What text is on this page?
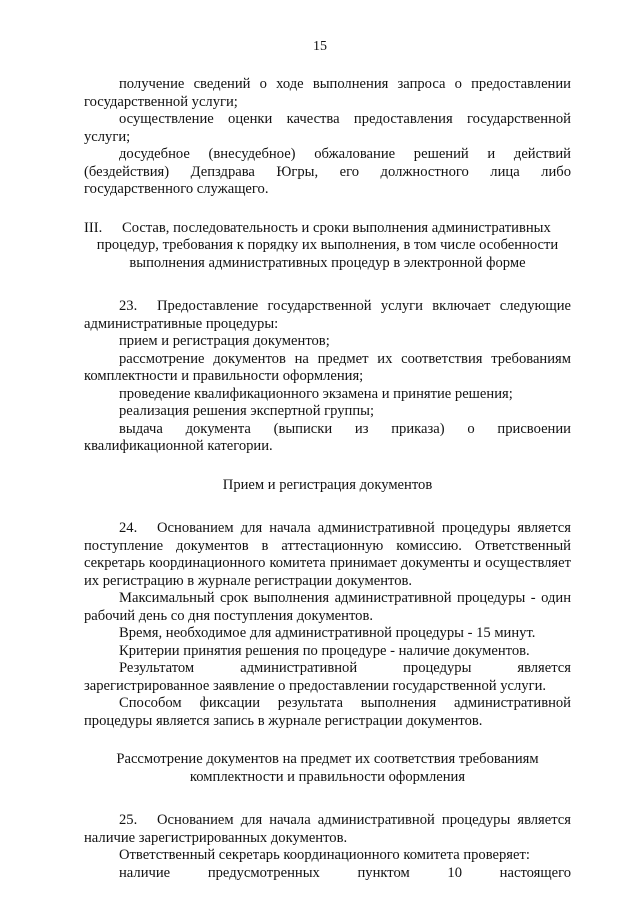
15

получение сведений о ходе выполнения запроса о предоставлении государственной услуги;

осуществление оценки качества предоставления государственной услуги;

досудебное (внесудебное) обжалование решений и действий (бездействия) Депздрава Югры, его должностного лица либо государственного служащего.

III. Состав, последовательность и сроки выполнения административных

процедур, требования к порядку их выполнения, в том числе особенности

выполнения административных процедур в электронной форме

23. Предоставление государственной услуги включает следующие административные процедуры:

прием и регистрация документов;

рассмотрение документов на предмет их соответствия требованиям комплектности и правильности оформления;

проведение квалификационного экзамена и принятие решения;

реализация решения экспертной группы;

выдача документа (выписки из приказа) о присвоении квалификационной категории.

Прием и регистрация документов

24. Основанием для начала административной процедуры является поступление документов в аттестационную комиссию. Ответственный секретарь координационного комитета принимает документы и осуществляет их регистрацию в журнале регистрации документов.

Максимальный срок выполнения административной процедуры - один рабочий день со дня поступления документов.

Время, необходимое для административной процедуры - 15 минут.

Критерии принятия решения по процедуре - наличие документов.

Результатом административной процедуры является зарегистрированное заявление о предоставлении государственной услуги.

Способом фиксации результата выполнения административной процедуры является запись в журнале регистрации документов.

Рассмотрение документов на предмет их соответствия требованиям

комплектности и правильности оформления

25. Основанием для начала административной процедуры является наличие зарегистрированных документов.

Ответственный секретарь координационного комитета проверяет:

наличие предусмотренных пунктом 10 настоящего
